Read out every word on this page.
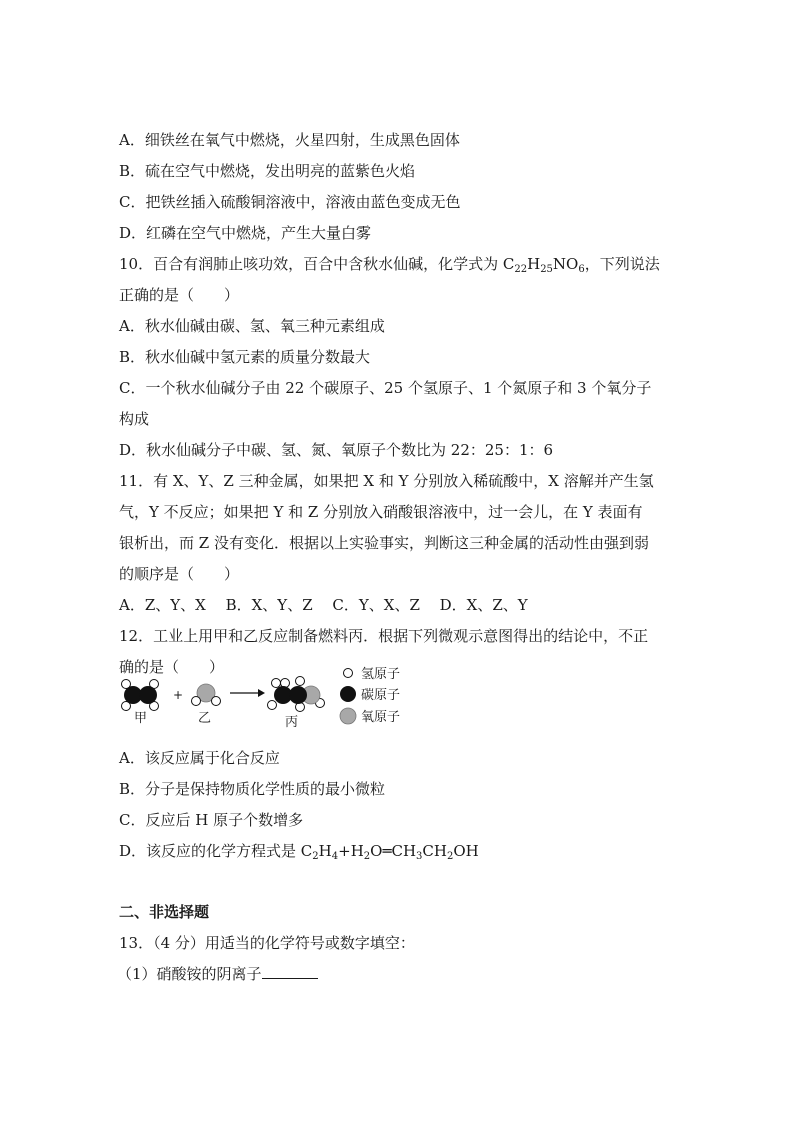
A．细铁丝在氧气中燃烧，火星四射，生成黑色固体
B．硫在空气中燃烧，发出明亮的蓝紫色火焰
C．把铁丝插入硫酸铜溶液中，溶液由蓝色变成无色
D．红磷在空气中燃烧，产生大量白雾
10．百合有润肺止咳功效，百合中含秋水仙碱，化学式为 $C_{22}H_{25}NO_6$，下列说法
正确的是（　　）
A．秋水仙碱由碳、氢、氧三种元素组成
B．秋水仙碱中氢元素的质量分数最大
C．一个秋水仙碱分子由 22 个碳原子、25 个氢原子、1 个氮原子和 3 个氧分子
构成
D．秋水仙碱分子中碳、氢、氮、氧原子个数比为 22：25：1：6
11．有 X、Y、Z 三种金属，如果把 X 和 Y 分别放入稀硫酸中，X 溶解并产生氢
气，Y 不反应；如果把 Y 和 Z 分别放入硝酸银溶液中，过一会儿，在 Y 表面有
银析出，而 Z 没有变化．根据以上实验事实，判断这三种金属的活动性由强到弱
的顺序是（　　）
A．Z、Y、X　 B．X、Y、Z　 C．Y、X、Z　 D．X、Z、Y
12．工业上用甲和乙反应制备燃料丙．根据下列微观示意图得出的结论中，不正
确的是（　　）
甲
+
乙	丙
氢原子
碳原子
氧原子
A．该反应属于化合反应
B．分子是保持物质化学性质的最小微粒
C．反应后 H 原子个数增多
D．该反应的化学方程式是 $C_2H_4+H_2O═CH_3CH_2OH$
二、非选择题
13．（4 分）用适当的化学符号或数字填空：
（1）硝酸铵的阴离子
